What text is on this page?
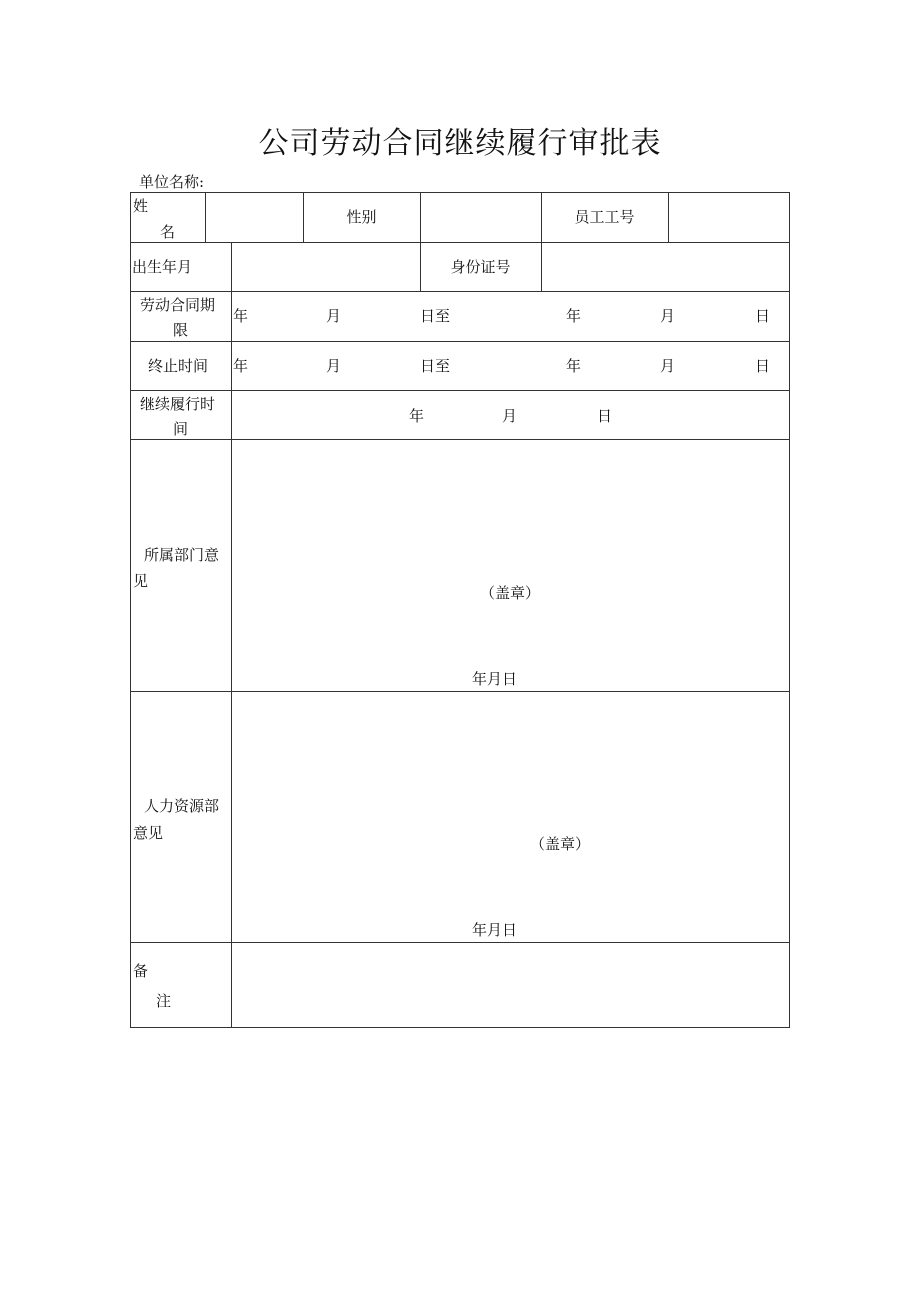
公司劳动合同继续履行审批表
单位名称:
姓
名
性别	员工工号
出生年月	身份证号
劳动合同期
限
年	月	日至	年	月	日
终止时间 年	月	日至	年	月	日
继续履行时
间
年	月	日
所属部门意
见
（盖章）
年月日
人力资源部
意见
（盖章）
年月日
备
注
